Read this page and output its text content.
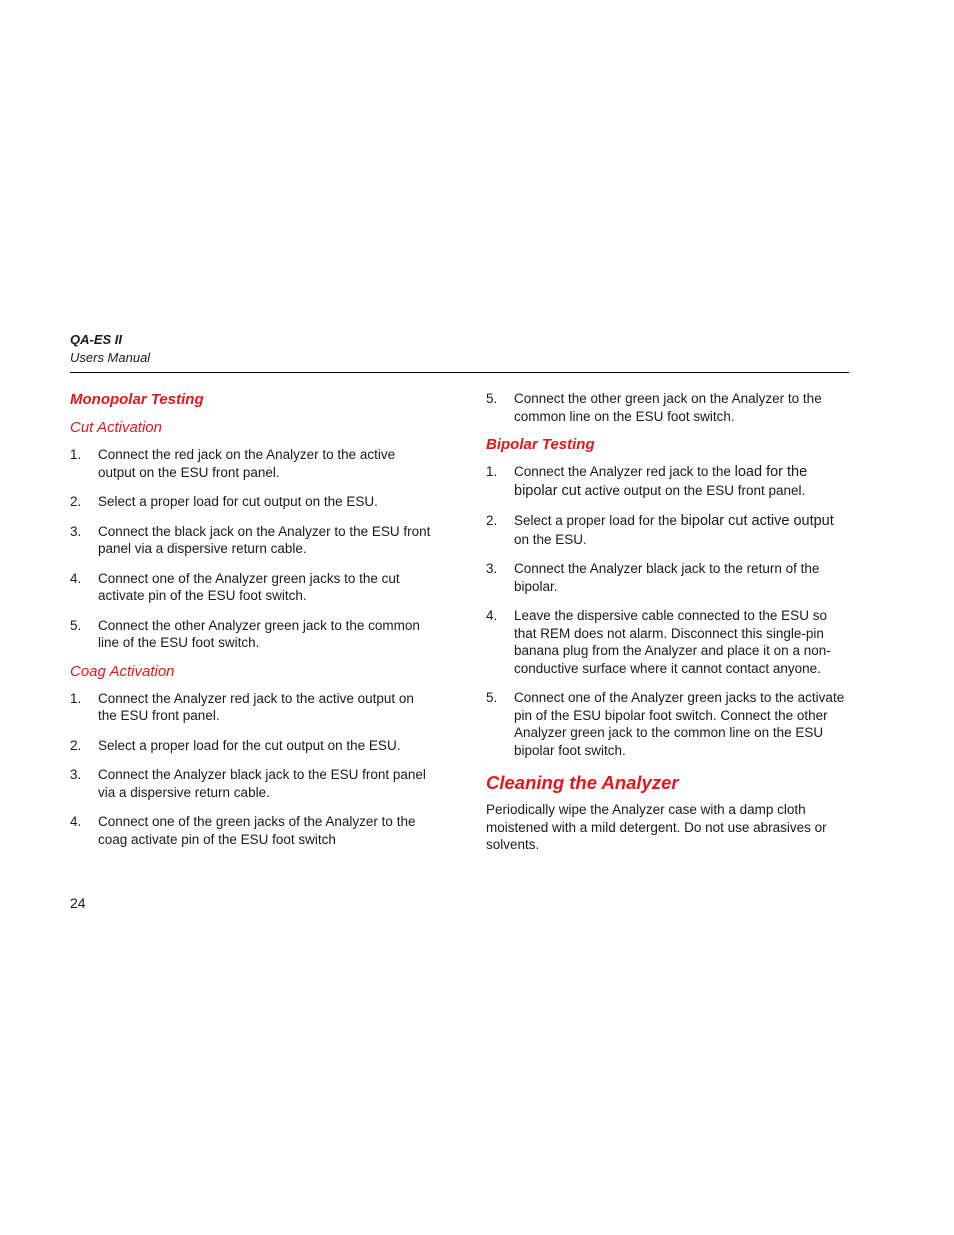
QA-ES II
Users Manual
Monopolar Testing
Cut Activation
1. Connect the red jack on the Analyzer to the active output on the ESU front panel.
2. Select a proper load for cut output on the ESU.
3. Connect the black jack on the Analyzer to the ESU front panel via a dispersive return cable.
4. Connect one of the Analyzer green jacks to the cut activate pin of the ESU foot switch.
5. Connect the other Analyzer green jack to the common line of the ESU foot switch.
Coag Activation
1. Connect the Analyzer red jack to the active output on the ESU front panel.
2. Select a proper load for the cut output on the ESU.
3. Connect the Analyzer black jack to the ESU front panel via a dispersive return cable.
4. Connect one of the green jacks of the Analyzer to the coag activate pin of the ESU foot switch
5. Connect the other green jack on the Analyzer to the common line on the ESU foot switch.
Bipolar Testing
1. Connect the Analyzer red jack to the load for the bipolar cut active output on the ESU front panel.
2. Select a proper load for the bipolar cut active output on the ESU.
3. Connect the Analyzer black jack to the return of the bipolar.
4. Leave the dispersive cable connected to the ESU so that REM does not alarm. Disconnect this single-pin banana plug from the Analyzer and place it on a non-conductive surface where it cannot contact anyone.
5. Connect one of the Analyzer green jacks to the activate pin of the ESU bipolar foot switch. Connect the other Analyzer green jack to the common line on the ESU bipolar foot switch.
Cleaning the Analyzer

Periodically wipe the Analyzer case with a damp cloth moistened with a mild detergent. Do not use abrasives or solvents.

24
